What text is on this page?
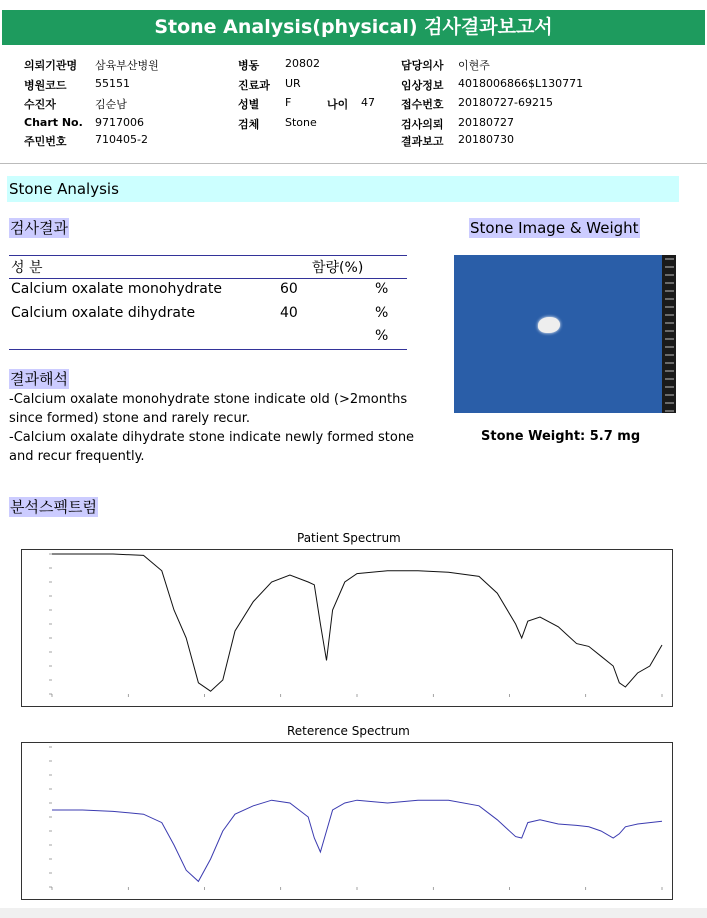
Stone Analysis(physical) 검사결과보고서
의뢰기관명 삼육부산병원
병원코드	55151
수진자	김순남
Chart No. 9717006
주민번호	710405-2
병동 20802
진료과 UR
성별 F	나이 47
검체 Stone
담당의사 이현주
임상정보 4018006866$L130771
접수번호 20180727-69215
검사의뢰 20180727
결과보고 20180730
Stone Analysis
검사결과
성 분	함량(%)
Calcium oxalate monohydrate	60	%
Calcium oxalate dihydrate	40	%
%
결과해석
-Calcium oxalate monohydrate stone indicate old (>2months
since formed) stone and rarely recur.
-Calcium oxalate dihydrate stone indicate newly formed stone
and recur frequently.
Stone Image & Weight
Stone Weight: 5.7 mg
분석스펙트럼
Patient Spectrum
Reterence Spectrum
